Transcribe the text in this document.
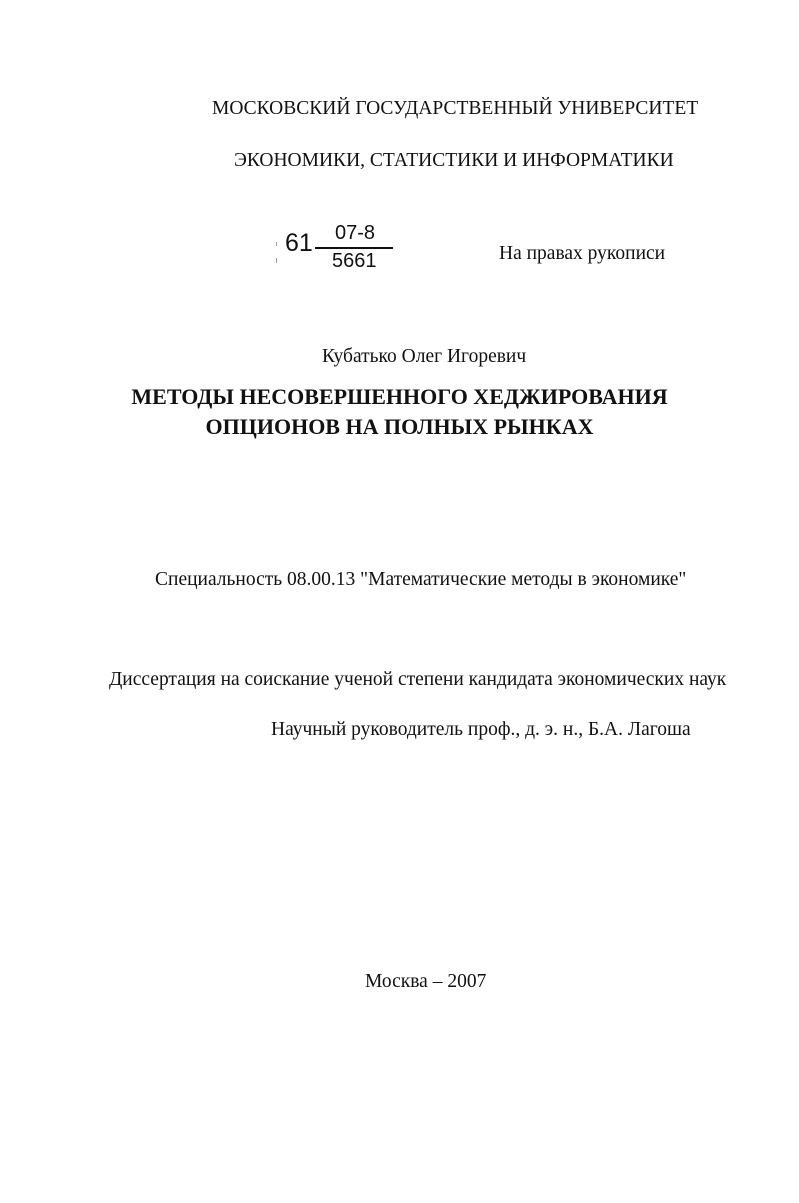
МОСКОВСКИЙ ГОСУДАРСТВЕННЫЙ УНИВЕРСИТЕТ
ЭКОНОМИКИ, СТАТИСТИКИ И ИНФОРМАТИКИ
61 07-8
5661	На правах рукописи
Кубатько Олег Игоревич
МЕТОДЫ НЕСОВЕРШЕННОГО ХЕДЖИРОВАНИЯ
ОПЦИОНОВ НА ПОЛНЫХ РЫНКАХ
Специальность 08.00.13 "Математические методы в экономике"
Диссертация на соискание ученой степени кандидата экономических наук
Научный руководитель проф., д. э. н., Б.А. Лагоша
Москва – 2007
